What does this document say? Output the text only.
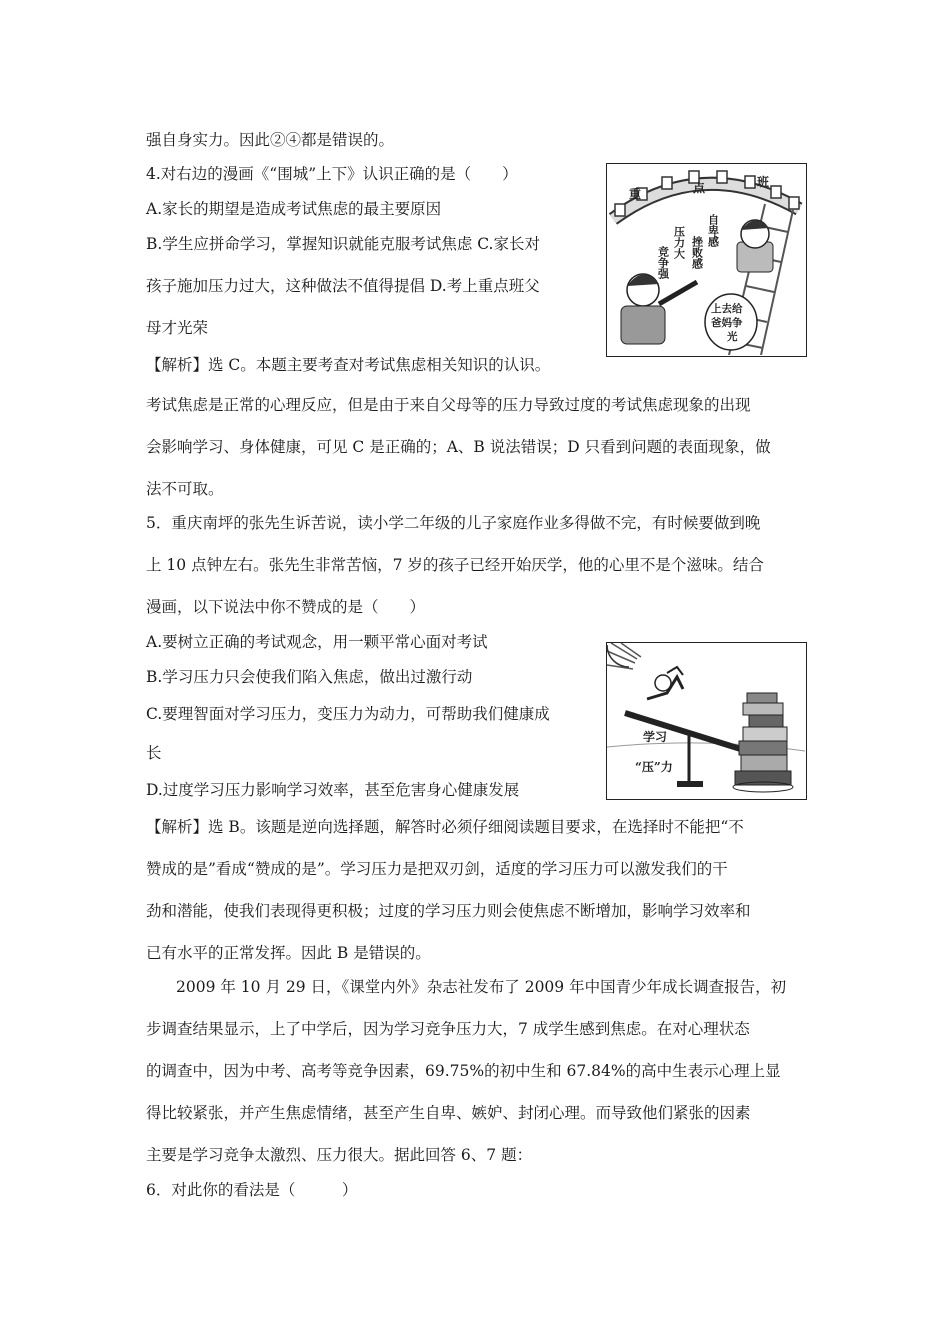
强自身实力。因此②④都是错误的。
4.对右边的漫画《“围城”上下》认识正确的是（　　）
A.家长的期望是造成考试焦虑的最主要原因
B.学生应拼命学习，掌握知识就能克服考试焦虑 C.家长对
孩子施加压力过大，这种做法不值得提倡 D.考上重点班父
母才光荣
【解析】选 C。本题主要考查对考试焦虑相关知识的认识。
考试焦虑是正常的心理反应，但是由于来自父母等的压力导致过度的考试焦虑现象的出现
会影响学习、身体健康，可见 C 是正确的；A、B 说法错误；D 只看到问题的表面现象，做
法不可取。
5．重庆南坪的张先生诉苦说，读小学二年级的儿子家庭作业多得做不完，有时候要做到晚
上 10 点钟左右。张先生非常苦恼，7 岁的孩子已经开始厌学，他的心里不是个滋味。结合
漫画，以下说法中你不赞成的是（　　）
A.要树立正确的考试观念，用一颗平常心面对考试
B.学习压力只会使我们陷入焦虑，做出过激行动
C.要理智面对学习压力，变压力为动力，可帮助我们健康成
长
D.过度学习压力影响学习效率，甚至危害身心健康发展
【解析】选 B。该题是逆向选择题，解答时必须仔细阅读题目要求，在选择时不能把“不
赞成的是”看成“赞成的是”。学习压力是把双刃剑，适度的学习压力可以激发我们的干
劲和潜能，使我们表现得更积极；过度的学习压力则会使焦虑不断增加，影响学习效率和
已有水平的正常发挥。因此 B 是错误的。
2009 年 10 月 29 日，《课堂内外》杂志社发布了 2009 年中国青少年成长调查报告，初
步调查结果显示，上了中学后，因为学习竞争压力大，7 成学生感到焦虑。在对心理状态
的调查中，因为中考、高考等竞争因素，69.75%的初中生和 67.84%的高中生表示心理上显
得比较紧张，并产生焦虑情绪，甚至产生自卑、嫉妒、封闭心理。而导致他们紧张的因素
主要是学习竞争太激烈、压力很大。据此回答 6、7 题：
6．对此你的看法是（　　　）
重	点	班
压力大
竞争强
自卑感
挫败感
上去给
爸妈争
光
学习
“压”力
